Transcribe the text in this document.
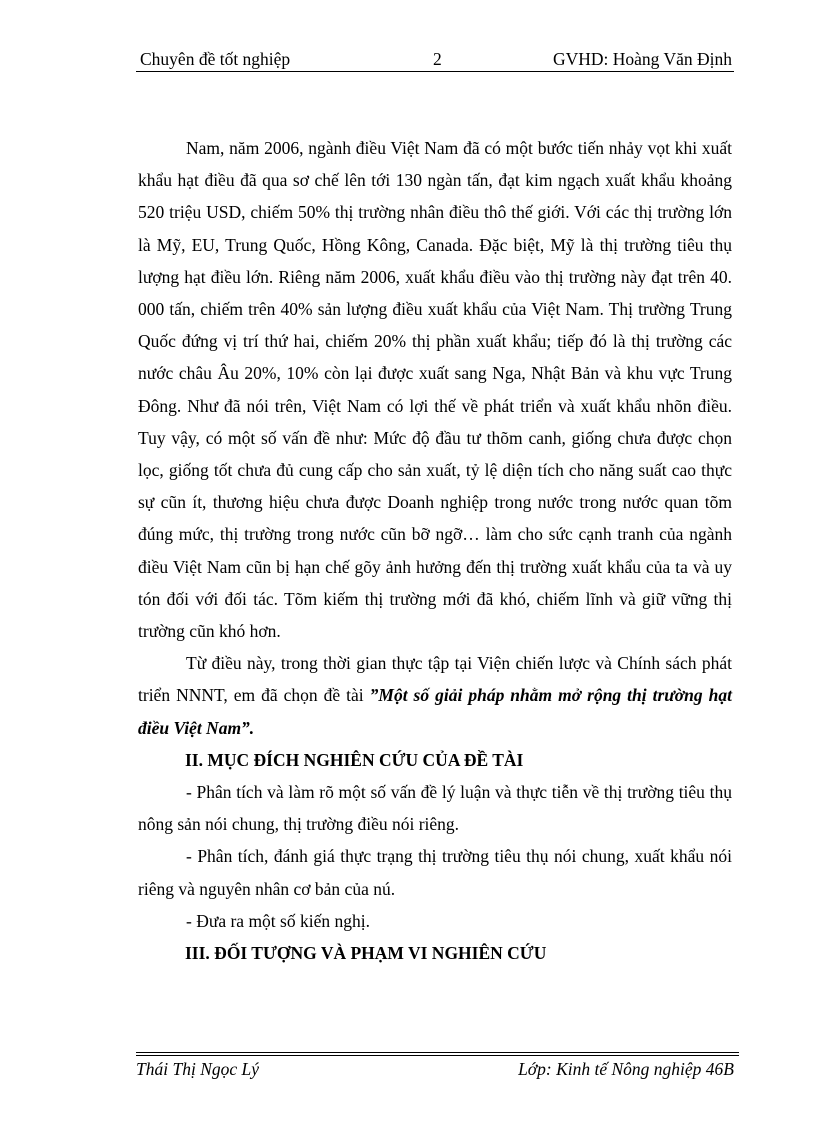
Chuyên đề tốt nghiệp	2	GVHD: Hoàng Văn Định

Nam, năm 2006, ngành điều Việt Nam đã có một bước tiến nhảy vọt khi xuất khẩu hạt điều đã qua sơ chế lên tới 130 ngàn tấn, đạt kim ngạch xuất khẩu khoảng 520 triệu USD, chiếm 50% thị trường nhân điều thô thế giới. Với các thị trường lớn là Mỹ, EU, Trung Quốc, Hồng Kông, Canada. Đặc biệt, Mỹ là thị trường tiêu thụ lượng hạt điều lớn. Riêng năm 2006, xuất khẩu điều vào thị trường này đạt trên 40. 000 tấn, chiếm trên 40% sản lượng điều xuất khẩu của Việt Nam. Thị trường Trung Quốc đứng vị trí thứ hai, chiếm 20% thị phần xuất khẩu; tiếp đó là thị trường các nước châu Âu 20%, 10% còn lại được xuất sang Nga, Nhật Bản và khu vực Trung Đông. Như đã nói trên, Việt Nam có lợi thế về phát triển và xuất khẩu nhõn điều. Tuy vậy, có một số vấn đề như: Mức độ đầu tư thõm canh, giống chưa được chọn lọc, giống tốt chưa đủ cung cấp cho sản xuất, tỷ lệ diện tích cho năng suất cao thực sự cũn ít, thương hiệu chưa được Doanh nghiệp trong nước trong nước quan tõm đúng mức, thị trường trong nước cũn bỡ ngỡ… làm cho sức cạnh tranh của ngành điều Việt Nam cũn bị hạn chế gõy ảnh hưởng đến thị trường xuất khẩu của ta và uy tón đối với đối tác. Tõm kiếm thị trường mới đã khó, chiếm lĩnh và giữ vững thị trường cũn khó hơn.

Từ điều này, trong thời gian thực tập tại Viện chiến lược và Chính sách phát triển NNNT, em đã chọn đề tài ”Một số giải pháp nhằm mở rộng thị trường hạt điều Việt Nam”.

II. MỤC ĐÍCH NGHIÊN CỨU CỦA ĐỀ TÀI

- Phân tích và làm rõ một số vấn đề lý luận và thực tiễn về thị trường tiêu thụ nông sản nói chung, thị trường điều nói riêng.

- Phân tích, đánh giá thực trạng thị trường tiêu thụ nói chung, xuất khẩu nói riêng và nguyên nhân cơ bản của nú.

- Đưa ra một số kiến nghị.

III. ĐỐI TƯỢNG VÀ PHẠM VI NGHIÊN CỨU
Thái Thị Ngọc Lý	Lớp: Kinh tế Nông nghiệp 46B
